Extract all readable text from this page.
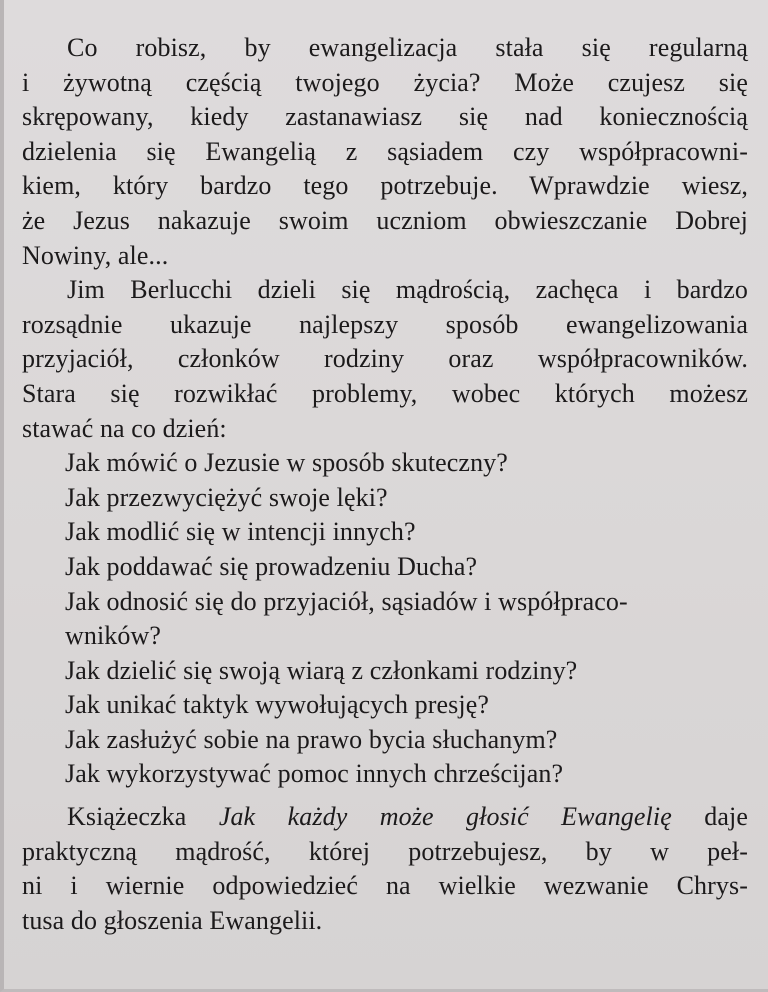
Co robisz, by ewangelizacja stała się regularną
i żywotną częścią twojego życia? Może czujesz się
skrępowany, kiedy zastanawiasz się nad koniecznością
dzielenia się Ewangelią z sąsiadem czy współpracowni-
kiem, który bardzo tego potrzebuje. Wprawdzie wiesz,
że Jezus nakazuje swoim uczniom obwieszczanie Dobrej
Nowiny, ale...
Jim Berlucchi dzieli się mądrością, zachęca i bardzo
rozsądnie ukazuje najlepszy sposób ewangelizowania
przyjaciół, członków rodziny oraz współpracowników.
Stara się rozwikłać problemy, wobec których możesz
stawać na co dzień:
Jak mówić o Jezusie w sposób skuteczny?
Jak przezwyciężyć swoje lęki?
Jak modlić się w intencji innych?
Jak poddawać się prowadzeniu Ducha?
Jak odnosić się do przyjaciół, sąsiadów i współpraco-
wników?
Jak dzielić się swoją wiarą z członkami rodziny?
Jak unikać taktyk wywołujących presję?
Jak zasłużyć sobie na prawo bycia słuchanym?
Jak wykorzystywać pomoc innych chrześcijan?
Książeczka Jak każdy może głosić Ewangelię daje
praktyczną mądrość, której potrzebujesz, by w peł-
ni i wiernie odpowiedzieć na wielkie wezwanie Chrys-
tusa do głoszenia Ewangelii.
